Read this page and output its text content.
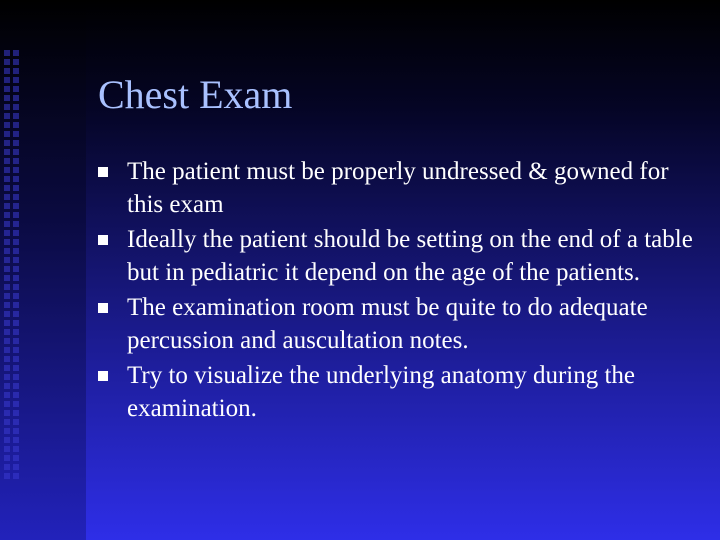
Chest Exam
The patient must be properly undressed & gowned for this exam
Ideally the patient should be setting on the end of a table but in pediatric it depend on the age of the patients.
The examination room must be quite to do adequate percussion and auscultation notes.
Try to visualize the underlying anatomy during the examination.
